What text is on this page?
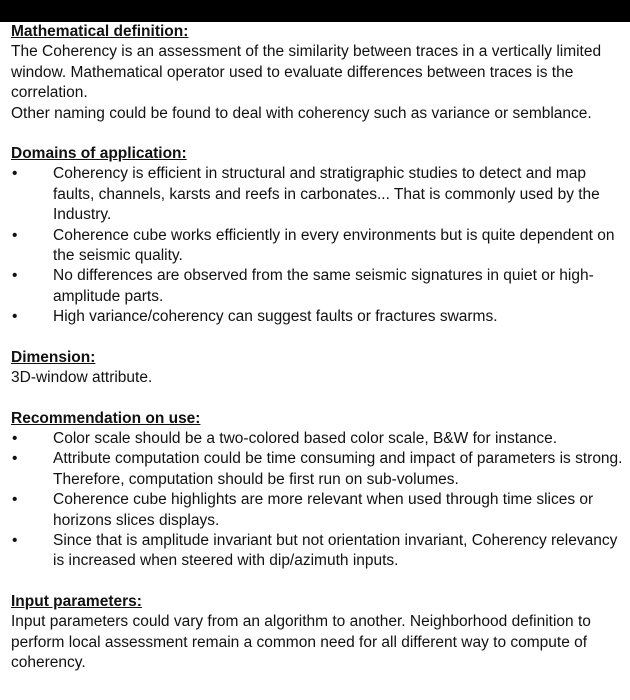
Mathematical definition:

The Coherency is an assessment of the similarity between traces in a vertically limited window. Mathematical operator used to evaluate differences between traces is the correlation.

Other naming could be found to deal with coherency such as variance or semblance.

Domains of application:

• Coherency is efficient in structural and stratigraphic studies to detect and map faults, channels, karsts and reefs in carbonates... That is commonly used by the Industry.
• Coherence cube works efficiently in every environments but is quite dependent on the seismic quality.
• No differences are observed from the same seismic signatures in quiet or high-amplitude parts.
• High variance/coherency can suggest faults or fractures swarms.

Dimension:

3D-window attribute.

Recommendation on use:

• Color scale should be a two-colored based color scale, B&W for instance.
• Attribute computation could be time consuming and impact of parameters is strong. Therefore, computation should be first run on sub-volumes.
• Coherence cube highlights are more relevant when used through time slices or horizons slices displays.
• Since that is amplitude invariant but not orientation invariant, Coherency relevancy is increased when steered with dip/azimuth inputs.

Input parameters:

Input parameters could vary from an algorithm to another. Neighborhood definition to perform local assessment remain a common need for all different way to compute of coherency.
